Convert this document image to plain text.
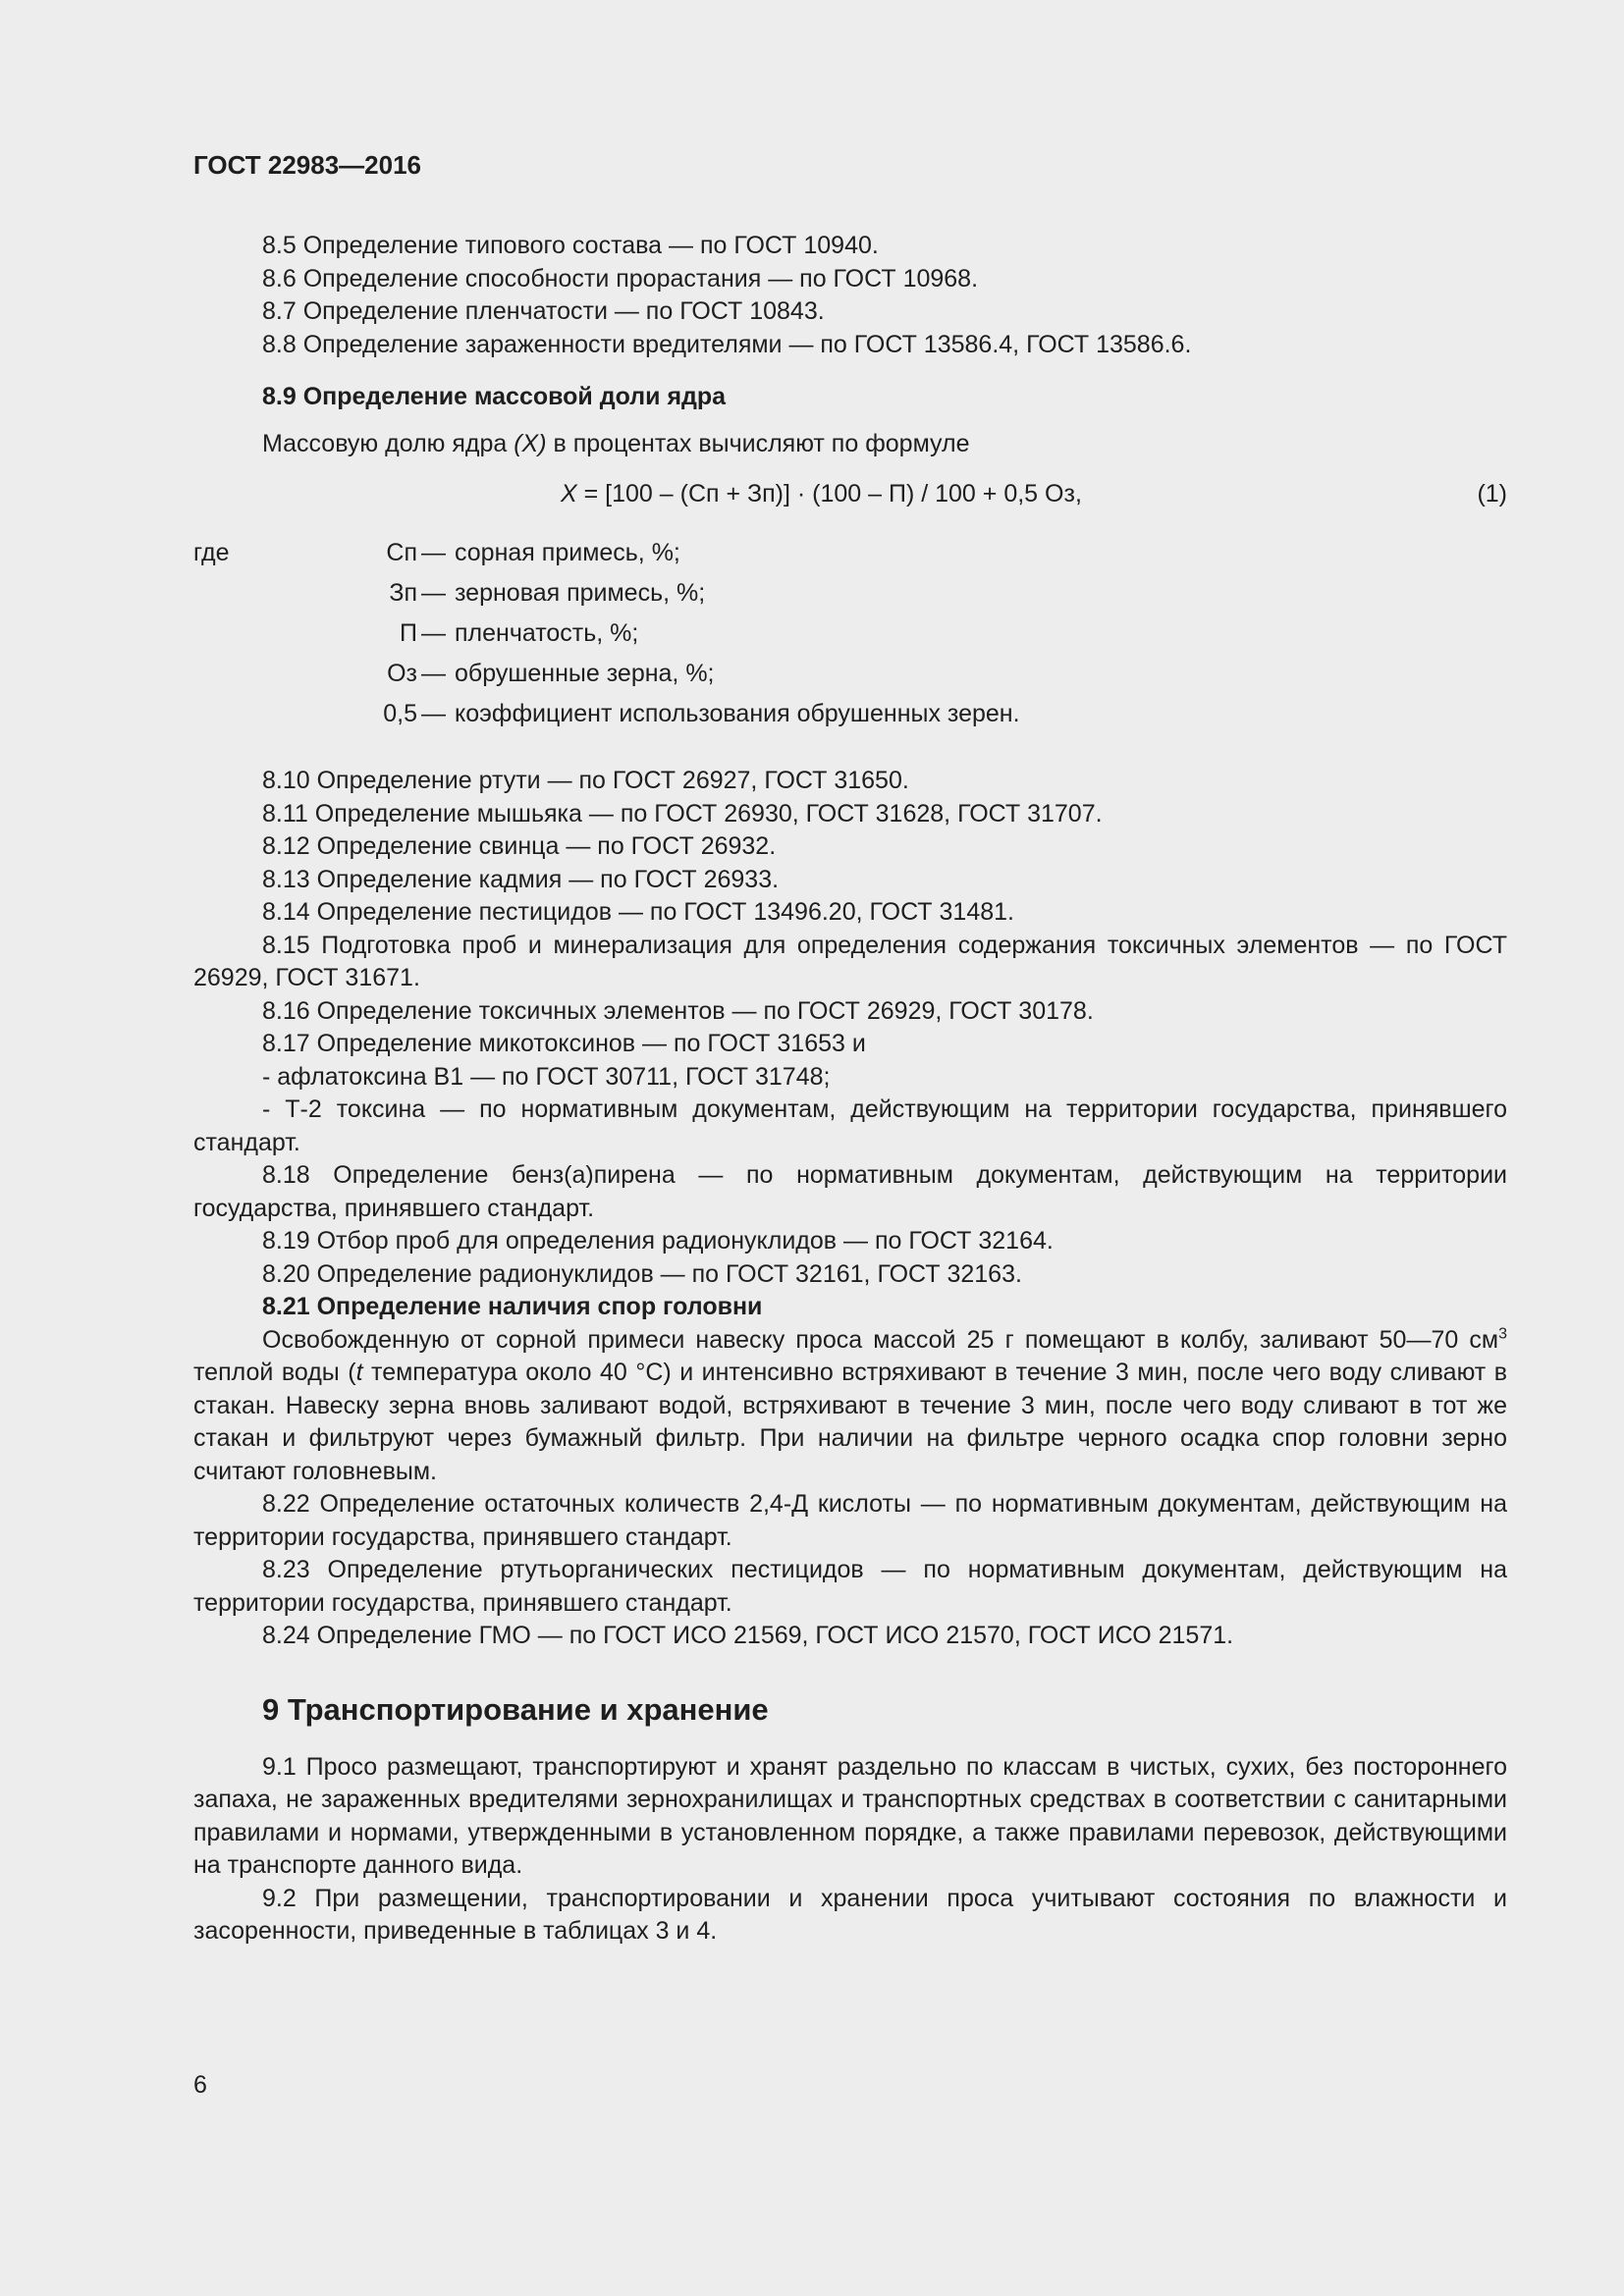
ГОСТ 22983—2016

8.5 Определение типового состава — по ГОСТ 10940.

8.6 Определение способности прорастания — по ГОСТ 10968.

8.7 Определение пленчатости — по ГОСТ 10843.

8.8 Определение зараженности вредителями — по ГОСТ 13586.4, ГОСТ 13586.6.

8.9 Определение массовой доли ядра

Массовую долю ядра (X) в процентах вычисляют по формуле

X = [100 – (Сп + Зп)] · (100 – П) / 100 + 0,5 Оз,	(1)
где	Сп — сорная примесь, %;
Зп — зерновая примесь, %;
П — пленчатость, %;
Оз — обрушенные зерна, %;
0,5 — коэффициент использования обрушенных зерен.

8.10 Определение ртути — по ГОСТ 26927, ГОСТ 31650.

8.11 Определение мышьяка — по ГОСТ 26930, ГОСТ 31628, ГОСТ 31707.

8.12 Определение свинца — по ГОСТ 26932.

8.13 Определение кадмия — по ГОСТ 26933.

8.14 Определение пестицидов — по ГОСТ 13496.20, ГОСТ 31481.

8.15 Подготовка проб и минерализация для определения содержания токсичных элементов — по ГОСТ 26929, ГОСТ 31671.

8.16 Определение токсичных элементов — по ГОСТ 26929, ГОСТ 30178.

8.17 Определение микотоксинов — по ГОСТ 31653 и

- афлатоксина В1 — по ГОСТ 30711, ГОСТ 31748;

- Т-2 токсина — по нормативным документам, действующим на территории государства, принявшего стандарт.

8.18 Определение бенз(а)пирена — по нормативным документам, действующим на территории государства, принявшего стандарт.

8.19 Отбор проб для определения радионуклидов — по ГОСТ 32164.

8.20 Определение радионуклидов — по ГОСТ 32161, ГОСТ 32163.

8.21 Определение наличия спор головни

Освобожденную от сорной примеси навеску проса массой 25 г помещают в колбу, заливают 50—70 $см^3$ теплой воды (t температура около 40 °С) и интенсивно встряхивают в течение 3 мин, после чего воду сливают в стакан. Навеску зерна вновь заливают водой, встряхивают в течение 3 мин, после чего воду сливают в тот же стакан и фильтруют через бумажный фильтр. При наличии на фильтре черного осадка спор головни зерно считают головневым.

8.22 Определение остаточных количеств 2,4-Д кислоты — по нормативным документам, действующим на территории государства, принявшего стандарт.

8.23 Определение ртутьорганических пестицидов — по нормативным документам, действующим на территории государства, принявшего стандарт.

8.24 Определение ГМО — по ГОСТ ИСО 21569, ГОСТ ИСО 21570, ГОСТ ИСО 21571.

9 Транспортирование и хранение

9.1 Просо размещают, транспортируют и хранят раздельно по классам в чистых, сухих, без постороннего запаха, не зараженных вредителями зернохранилищах и транспортных средствах в соответствии с санитарными правилами и нормами, утвержденными в установленном порядке, а также правилами перевозок, действующими на транспорте данного вида.

9.2 При размещении, транспортировании и хранении проса учитывают состояния по влажности и засоренности, приведенные в таблицах 3 и 4.

6
